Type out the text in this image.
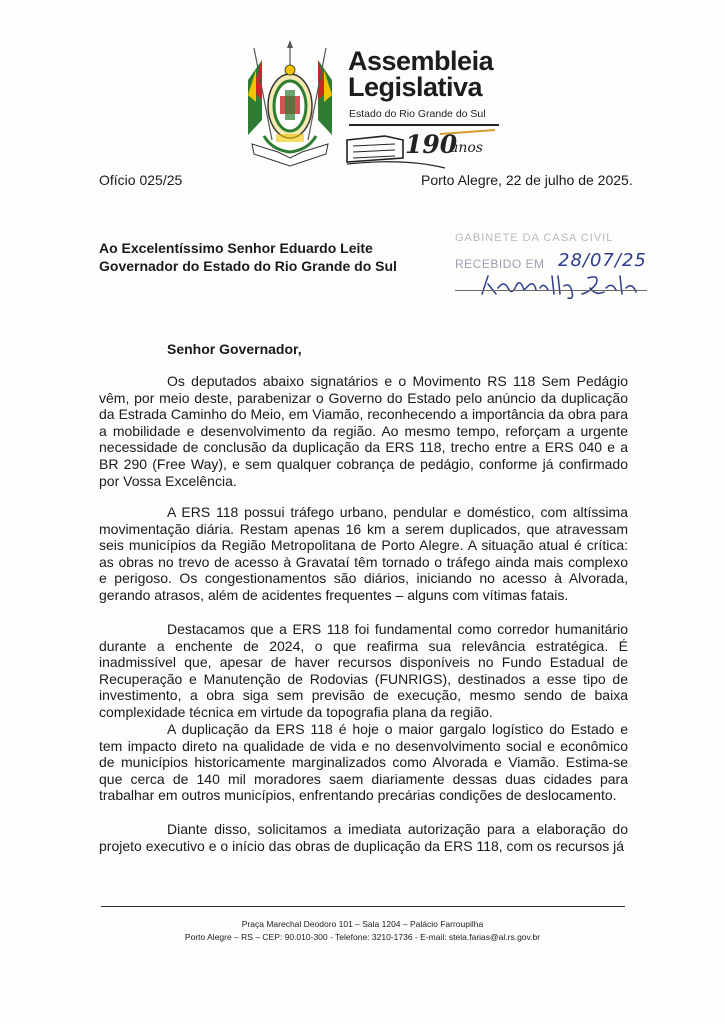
Assembleia
Legislativa
Estado do Rio Grande do Sul
190
anos
Ofício 025/25	Porto Alegre, 22 de julho de 2025.
Ao Excelentíssimo Senhor Eduardo Leite
Governador do Estado do Rio Grande do Sul
GABINETE DA CASA CIVIL
RECEBIDO EM 28/07/25
Senhor Governador,
Os deputados abaixo signatários e o Movimento RS 118 Sem Pedágio vêm, por meio deste, parabenizar o Governo do Estado pelo anúncio da duplicação da Estrada Caminho do Meio, em Viamão, reconhecendo a importância da obra para a mobilidade e desenvolvimento da região. Ao mesmo tempo, reforçam a urgente necessidade de conclusão da duplicação da ERS 118, trecho entre a ERS 040 e a BR 290 (Free Way), e sem qualquer cobrança de pedágio, conforme já confirmado por Vossa Excelência.
A ERS 118 possui tráfego urbano, pendular e doméstico, com altíssima movimentação diária. Restam apenas 16 km a serem duplicados, que atravessam seis municípios da Região Metropolitana de Porto Alegre. A situação atual é crítica: as obras no trevo de acesso à Gravataí têm tornado o tráfego ainda mais complexo e perigoso. Os congestionamentos são diários, iniciando no acesso à Alvorada, gerando atrasos, além de acidentes frequentes – alguns com vítimas fatais.
Destacamos que a ERS 118 foi fundamental como corredor humanitário durante a enchente de 2024, o que reafirma sua relevância estratégica. É inadmissível que, apesar de haver recursos disponíveis no Fundo Estadual de Recuperação e Manutenção de Rodovias (FUNRIGS), destinados a esse tipo de investimento, a obra siga sem previsão de execução, mesmo sendo de baixa complexidade técnica em virtude da topografia plana da região.
A duplicação da ERS 118 é hoje o maior gargalo logístico do Estado e tem impacto direto na qualidade de vida e no desenvolvimento social e econômico de municípios historicamente marginalizados como Alvorada e Viamão. Estima-se que cerca de 140 mil moradores saem diariamente dessas duas cidades para trabalhar em outros municípios, enfrentando precárias condições de deslocamento.
Diante disso, solicitamos a imediata autorização para a elaboração do projeto executivo e o início das obras de duplicação da ERS 118, com os recursos já
Praça Marechal Deodoro 101 – Sala 1204 – Palácio Farroupilha
Porto Alegre – RS – CEP: 90.010-300 - Telefone: 3210-1736 - E-mail: stela.farias@al.rs.gov.br
